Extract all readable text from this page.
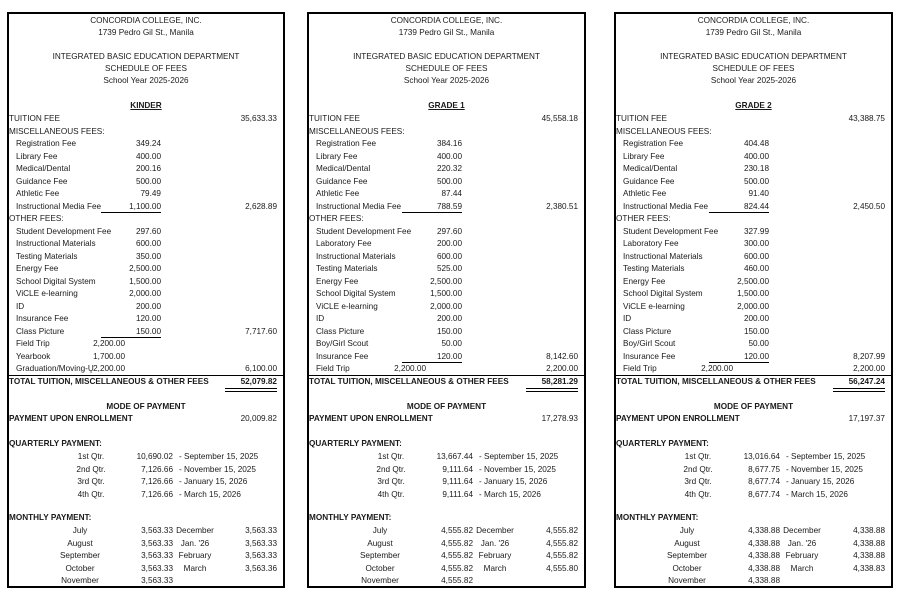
CONCORDIA COLLEGE, INC.
1739 Pedro Gil St., Manila
INTEGRATED BASIC EDUCATION DEPARTMENT
SCHEDULE OF FEES
School Year 2025-2026
KINDER
TUITION FEE	35,633.33
MISCELLANEOUS FEES:
Registration Fee	349.24
Library Fee	400.00
Medical/Dental	200.16
Guidance Fee	500.00
Athletic Fee	79.49
Instructional Media Fee	1,100.00	2,628.89
OTHER FEES:
Student Development Fee	297.60
Instructional Materials	600.00
Testing Materials	350.00
Energy Fee	2,500.00
School Digital System	1,500.00
ViCLE e-learning	2,000.00
ID	200.00
Insurance Fee	120.00
Class Picture	150.00	7,717.60
Field Trip	2,200.00
Yearbook	1,700.00
Graduation/Moving-U̧ 2,200.00	6,100.00
TOTAL TUITION, MISCELLANEOUS & OTHER FEES	52,079.82
MODE OF PAYMENT
PAYMENT UPON ENROLLMENT	20,009.82
QUARTERLY PAYMENT:
1st Qtr.	10,690.02 - September 15, 2025
2nd Qtr.	7,126.66 - November 15, 2025
3rd Qtr.	7,126.66 - January 15, 2026
4th Qtr.	7,126.66 - March 15, 2026
MONTHLY PAYMENT:
July	3,563.33 December	3,563.33
August	3,563.33 Jan. '26	3,563.33
September	3,563.33 February	3,563.33
October	3,563.33	March	3,563.36
November	3,563.33
CONCORDIA COLLEGE, INC.
1739 Pedro Gil St., Manila
INTEGRATED BASIC EDUCATION DEPARTMENT
SCHEDULE OF FEES
School Year 2025-2026
GRADE 1
TUITION FEE	45,558.18
MISCELLANEOUS FEES:
Registration Fee	384.16
Library Fee	400.00
Medical/Dental	220.32
Guidance Fee	500.00
Athletic Fee	87.44
Instructional Media Fee	788.59	2,380.51
OTHER FEES:
Student Development Fee	297.60
Laboratory Fee	200.00
Instructional Materials	600.00
Testing Materials	525.00
Energy Fee	2,500.00
School Digital System	1,500.00
ViCLE e-learning	2,000.00
ID	200.00
Class Picture	150.00
Boy/Girl Scout	50.00
Insurance Fee	120.00	8,142.60
Field Trip	2,200.00	2,200.00
TOTAL TUITION, MISCELLANEOUS & OTHER FEES	58,281.29
MODE OF PAYMENT
PAYMENT UPON ENROLLMENT	17,278.93
QUARTERLY PAYMENT:
1st Qtr.	13,667.44 - September 15, 2025
2nd Qtr.	9,111.64 - November 15, 2025
3rd Qtr.	9,111.64 - January 15, 2026
4th Qtr.	9,111.64 - March 15, 2026
MONTHLY PAYMENT:
July	4,555.82 December	4,555.82
August	4,555.82 Jan. '26	4,555.82
September	4,555.82 February	4,555.82
October	4,555.82	March	4,555.80
November	4,555.82
CONCORDIA COLLEGE, INC.
1739 Pedro Gil St., Manila
INTEGRATED BASIC EDUCATION DEPARTMENT
SCHEDULE OF FEES
School Year 2025-2026
GRADE 2
TUITION FEE	43,388.75
MISCELLANEOUS FEES:
Registration Fee	404.48
Library Fee	400.00
Medical/Dental	230.18
Guidance Fee	500.00
Athletic Fee	91.40
Instructional Media Fee	824.44	2,450.50
OTHER FEES:
Student Development Fee	327.99
Laboratory Fee	300.00
Instructional Materials	600.00
Testing Materials	460.00
Energy Fee	2,500.00
School Digital System	1,500.00
ViCLE e-learning	2,000.00
ID	200.00
Class Picture	150.00
Boy/Girl Scout	50.00
Insurance Fee	120.00	8,207.99
Field Trip	2,200.00	2,200.00
TOTAL TUITION, MISCELLANEOUS & OTHER FEES	56,247.24
MODE OF PAYMENT
PAYMENT UPON ENROLLMENT	17,197.37
QUARTERLY PAYMENT:
1st Qtr.	13,016.64 - September 15, 2025
2nd Qtr.	8,677.75 - November 15, 2025
3rd Qtr.	8,677.74 - January 15, 2026
4th Qtr.	8,677.74 - March 15, 2026
MONTHLY PAYMENT:
July	4,338.88 December	4,338.88
August	4,338.88 Jan. '26	4,338.88
September	4,338.88 February	4,338.88
October	4,338.88	March	4,338.83
November	4,338.88
